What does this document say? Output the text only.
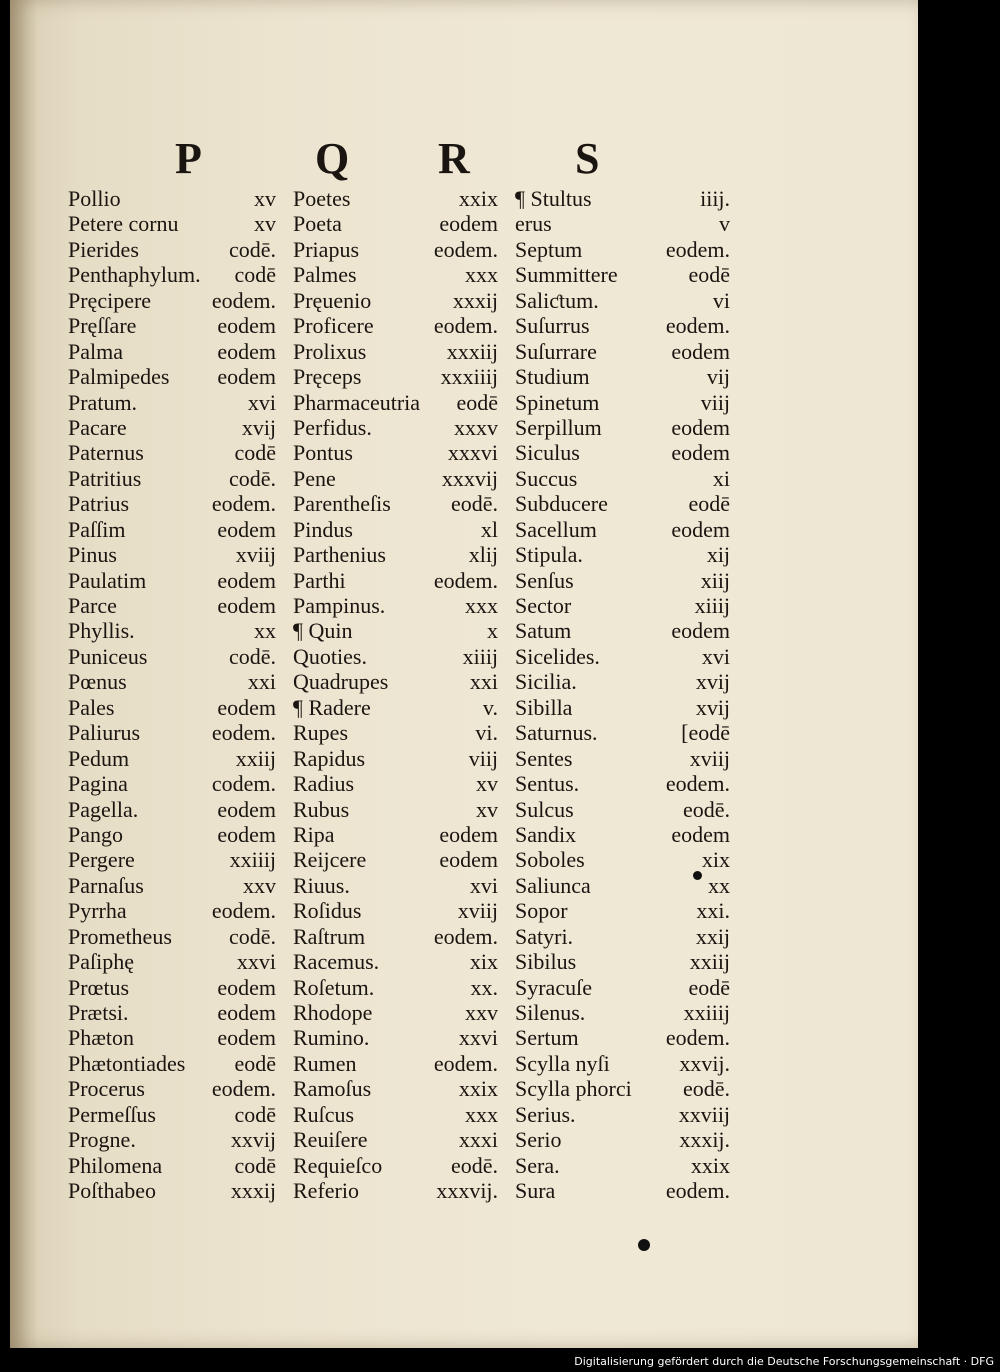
P	Q R S
Pollio	xv
Petere cornu	xv
Pierides	codē.
Penthaphylum. codē
Pręcipere	eodem.
Pręſſare	eodem
Palma	eodem
Palmipedes eodem
Pratum.	xvi
Pacare	xvĳ
Paternus	codē
Patritius	codē.
Patrius	eodem.
Paſſim	eodem
Pinus	xviĳ
Paulatim	eodem
Parce	eodem
Phyllis.	xx
Puniceus	codē.
Pœnus	xxi
Pales	eodem
Paliurus	eodem.
Pedum	xxiĳ
Pagina	codem.
Pagella.	eodem
Pango	eodem
Pergere	xxiiĳ
Parnaſus	xxv
Pyrrha	eodem.
Prometheus	codē.
Paſiphę	xxvi
Prœtus	eodem
Prætsi.	eodem
Phæton	eodem
Phætontiades eodē
Procerus	eodem.
Permeſſus	codē
Progne.	xxvĳ
Philomena	codē
Poſthabeo	xxxĳ
Poetes	xxix
Poeta	eodem
Priapus	eodem.
Palmes	xxx
Pręuenio	xxxĳ
Proficere	eodem.
Prolixus	xxxiĳ
Pręceps	xxxiiĳ
Pharmaceutria eodē
Perfidus.	xxxv
Pontus	xxxvi
Pene	xxxvĳ
Parentheſis	eodē.
Pindus	xl
Parthenius	xlĳ
Parthi	eodem.
Pampinus.	xxx
¶ Quin	x
Quoties.	xiiĳ
Quadrupes	xxi
¶ Radere	v.
Rupes	vi.
Rapidus	viĳ
Radius	xv
Rubus	xv
Ripa	eodem
Reĳcere	eodem
Riuus.	xvi
Roſidus	xviĳ
Raſtrum	eodem.
Racemus.	xix
Roſetum.	xx.
Rhodope	xxv
Rumino.	xxvi
Rumen	eodem.
Ramoſus	xxix
Ruſcus	xxx
Reuiſere	xxxi
Requieſco	eodē.
Referio	xxxvĳ.
¶ Stultus	iiĳ.
erus	v
Septum	eodem.
Summittere	eodē
Saliƈtum.	vi
Suſurrus	eodem.
Suſurrare	eodem
Studium	vĳ
Spinetum	viĳ
Serpillum	eodem
Siculus	eodem
Succus	xi
Subducere	eodē
Sacellum	eodem
Stipula.	xĳ
Senſus	xiĳ
Sector	xiiĳ
Satum	eodem
Sicelides.	xvi
Sicilia.	xvĳ
Sibilla	xvĳ
Saturnus.	[eodē
Sentes	xviĳ
Sentus.	eodem.
Sulcus	eodē.
Sandix	eodem
Soboles	xix
Saliunca	xx
Sopor	xxi.
Satyri.	xxĳ
Sibilus	xxiĳ
Syracuſe	eodē
Silenus.	xxiiĳ
Sertum	eodem.
Scylla nyſi	xxvĳ.
Scylla phorci eodē.
Serius.	xxviĳ
Serio	xxxĳ.
Sera.	xxix
Sura	eodem.
Digitalisierung gefördert durch die Deutsche Forschungsgemeinschaft · DFG
